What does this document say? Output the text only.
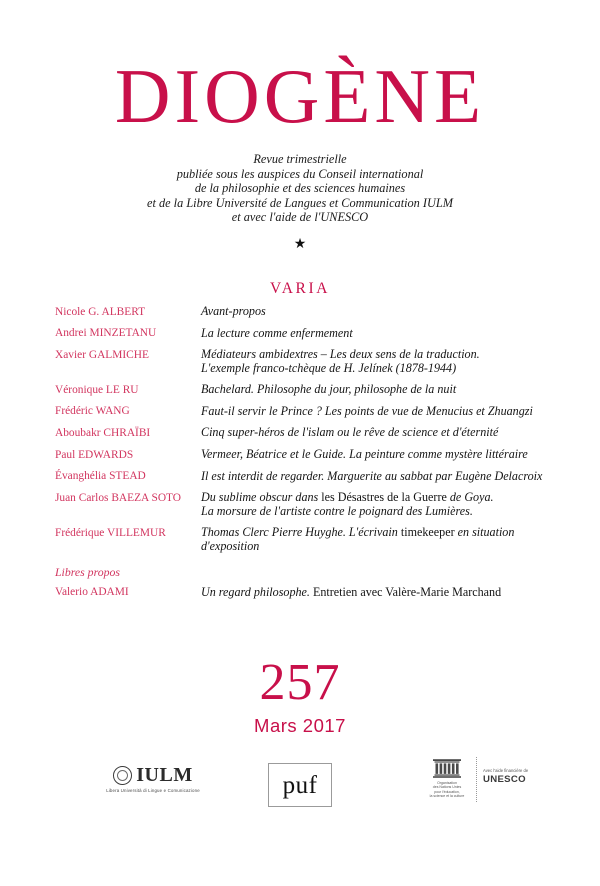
DIOGÈNE
Revue trimestrielle
publiée sous les auspices du Conseil international
de la philosophie et des sciences humaines
et de la Libre Université de Langues et Communication IULM
et avec l'aide de l'UNESCO
★
VARIA
Nicole G. ALBERT	Avant-propos
Andrei MINZETANU	La lecture comme enfermement
Xavier GALMICHE	Médiateurs ambidextres – Les deux sens de la traduction.
L'exemple franco-tchèque de H. Jelínek (1878-1944)
Véronique LE RU	Bachelard. Philosophe du jour, philosophe de la nuit
Frédéric WANG	Faut-il servir le Prince ? Les points de vue de Menucius et Zhuangzi
Aboubakr CHRAÏBI	Cinq super-héros de l'islam ou le rêve de science et d'éternité
Paul EDWARDS	Vermeer, Béatrice et le Guide. La peinture comme mystère littéraire
Évanghélia STEAD	Il est interdit de regarder. Marguerite au sabbat par Eugène Delacroix
Juan Carlos BAEZA SOTO	Du sublime obscur dans les Désastres de la Guerre de Goya.
La morsure de l'artiste contre le poignard des Lumières.
Frédérique VILLEMUR	Thomas Clerc Pierre Huyghe. L'écrivain timekeeper en situation
d'exposition
Libres propos
Valerio ADAMI	Un regard philosophe. Entretien avec Valère-Marie Marchand
257
Mars 2017
IULM
Libera Università di Lingue e Comunicazione	puf	Organisation
des Nations Unies
pour l'éducation,
la science et la culture
Avec l'aide financière de
UNESCO
